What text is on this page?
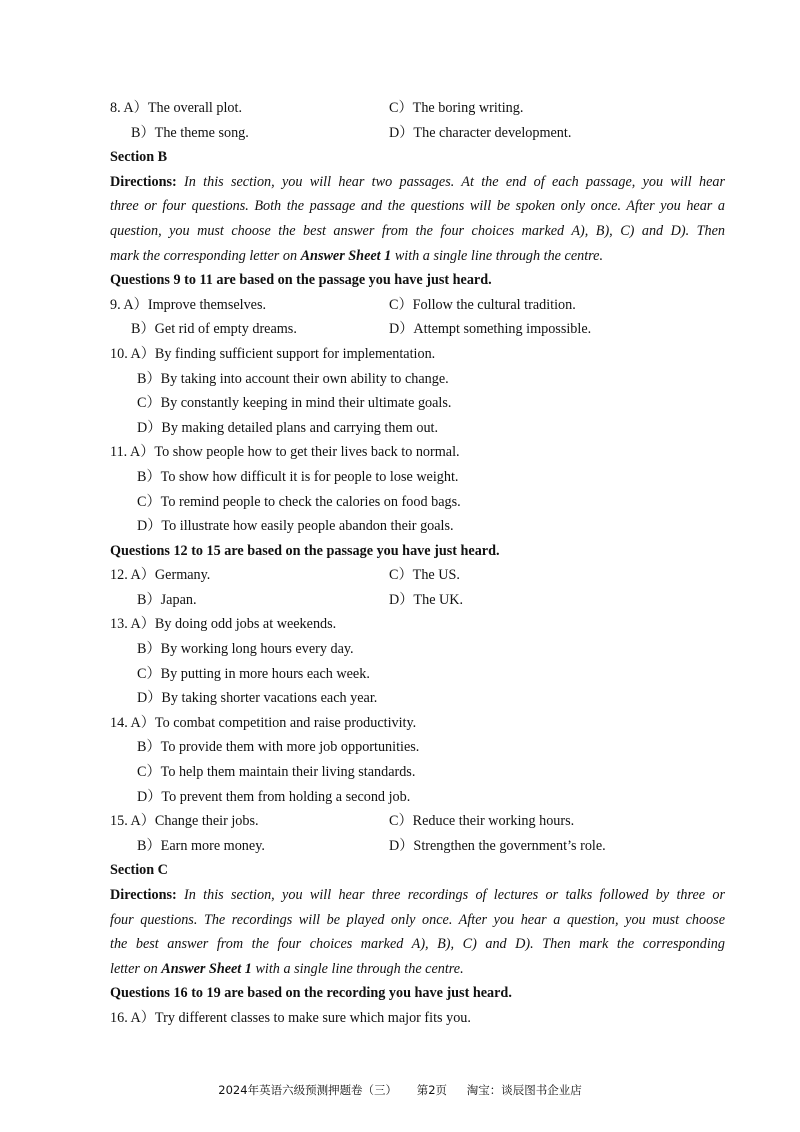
8. A）The overall plot.	C）The boring writing.
B）The theme song.	D）The character development.
Section B
Directions: In this section, you will hear two passages. At the end of each passage, you will hear
three or four questions. Both the passage and the questions will be spoken only once. After you hear a
question, you must choose the best answer from the four choices marked A), B), C) and D). Then
mark the corresponding letter on Answer Sheet 1 with a single line through the centre.
Questions 9 to 11 are based on the passage you have just heard.
9. A）Improve themselves.	C）Follow the cultural tradition.
B）Get rid of empty dreams.	D）Attempt something impossible.
10. A）By finding sufficient support for implementation.
B）By taking into account their own ability to change.
C）By constantly keeping in mind their ultimate goals.
D）By making detailed plans and carrying them out.
11. A）To show people how to get their lives back to normal.
B）To show how difficult it is for people to lose weight.
C）To remind people to check the calories on food bags.
D）To illustrate how easily people abandon their goals.
Questions 12 to 15 are based on the passage you have just heard.
12. A）Germany.	C）The US.
B）Japan.	D）The UK.
13. A）By doing odd jobs at weekends.
B）By working long hours every day.
C）By putting in more hours each week.
D）By taking shorter vacations each year.
14. A）To combat competition and raise productivity.
B）To provide them with more job opportunities.
C）To help them maintain their living standards.
D）To prevent them from holding a second job.
15. A）Change their jobs.	C）Reduce their working hours.
B）Earn more money.	D）Strengthen the government’s role.
Section C
Directions: In this section, you will hear three recordings of lectures or talks followed by three or
four questions. The recordings will be played only once. After you hear a question, you must choose
the best answer from the four choices marked A), B), C) and D). Then mark the corresponding
letter on Answer Sheet 1 with a single line through the centre.
Questions 16 to 19 are based on the recording you have just heard.
16. A）Try different classes to make sure which major fits you.
2024年英语六级预测押题卷（三） 第2页 淘宝：谈辰图书企业店
